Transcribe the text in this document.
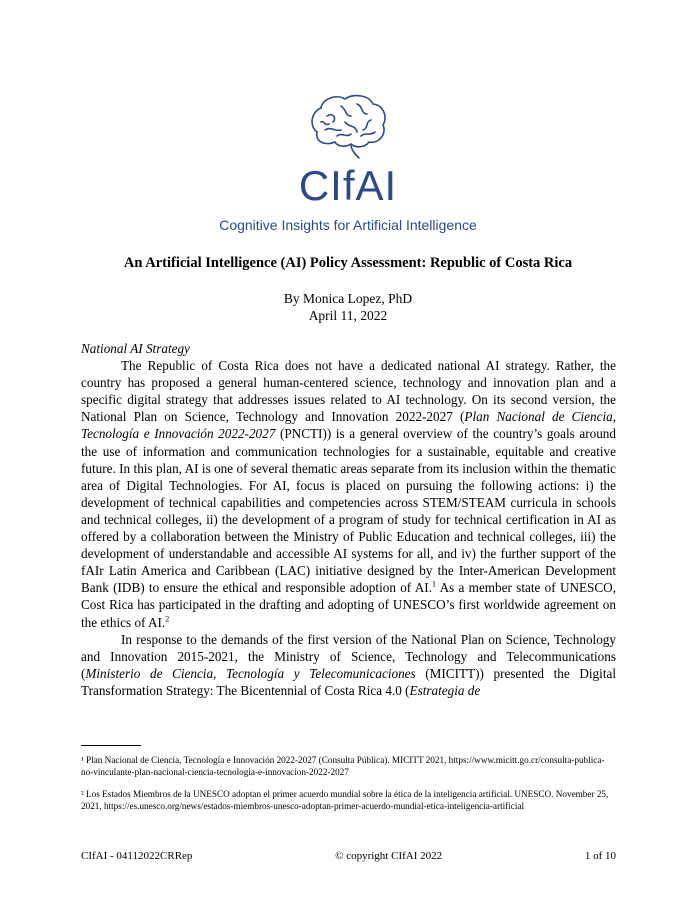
CIfAI
Cognitive Insights for Artificial Intelligence
An Artificial Intelligence (AI) Policy Assessment: Republic of Costa Rica
By Monica Lopez, PhD
April 11, 2022
National AI Strategy

The Republic of Costa Rica does not have a dedicated national AI strategy. Rather, the country has proposed a general human-centered science, technology and innovation plan and a specific digital strategy that addresses issues related to AI technology. On its second version, the National Plan on Science, Technology and Innovation 2022-2027 (Plan Nacional de Ciencia, Tecnología e Innovación 2022-2027 (PNCTI)) is a general overview of the country’s goals around the use of information and communication technologies for a sustainable, equitable and creative future. In this plan, AI is one of several thematic areas separate from its inclusion within the thematic area of Digital Technologies. For AI, focus is placed on pursuing the following actions: i) the development of technical capabilities and competencies across STEM/STEAM curricula in schools and technical colleges, ii) the development of a program of study for technical certification in AI as offered by a collaboration between the Ministry of Public Education and technical colleges, iii) the development of understandable and accessible AI systems for all, and iv) the further support of the fAIr Latin America and Caribbean (LAC) initiative designed by the Inter-American Development Bank (IDB) to ensure the ethical and responsible adoption of AI.$^1$ As a member state of UNESCO, Cost Rica has participated in the drafting and adopting of UNESCO’s first worldwide agreement on the ethics of AI.$^2$

In response to the demands of the first version of the National Plan on Science, Technology and Innovation 2015-2021, the Ministry of Science, Technology and Telecommunications (Ministerio de Ciencia, Tecnología y Telecomunicaciones (MICITT)) presented the Digital Transformation Strategy: The Bicentennial of Costa Rica 4.0 (Estrategia de

¹ Plan Nacional de Ciencia, Tecnología e Innovación 2022-2027 (Consulta Pública). MICITT 2021, https://www.micitt.go.cr/consulta-publica-no-vinculante-plan-nacional-ciencia-tecnologia-e-innovacion-2022-2027

² Los Estados Miembros de la UNESCO adoptan el primer acuerdo mundial sobre la ética de la inteligencia artificial. UNESCO. November 25, 2021, https://es.unesco.org/news/estados-miembros-unesco-adoptan-primer-acuerdo-mundial-etica-inteligencia-artificial

CIfAI - 04112022CRRep	© copyright CIfAI 2022	1 of 10
